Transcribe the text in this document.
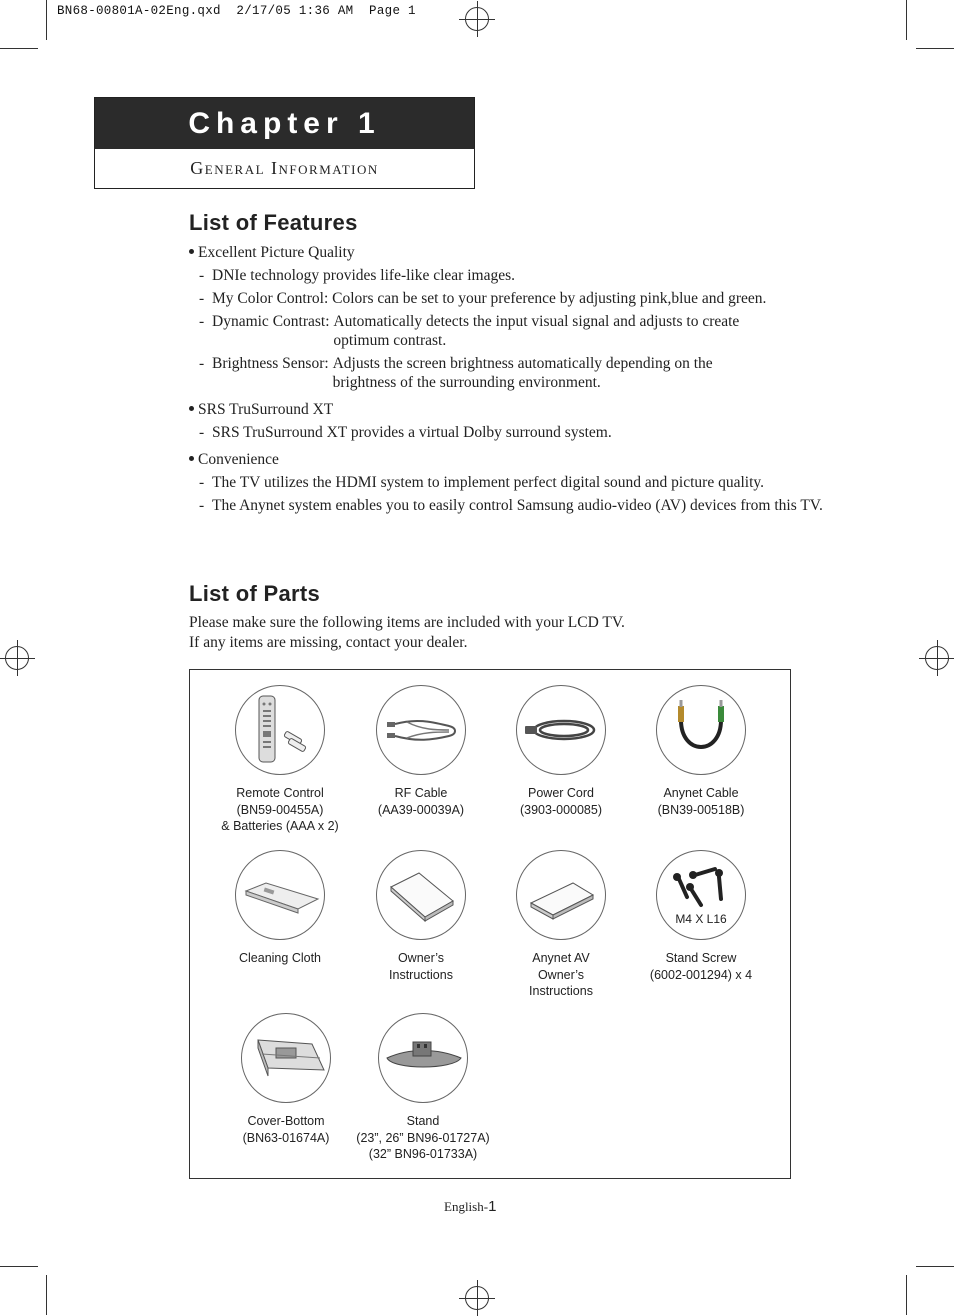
BN68-00801A-02Eng.qxd  2/17/05 1:36 AM  Page 1
Chapter 1
General Information
List of Features
Excellent Picture Quality
- DNIe technology provides life-like clear images.
- My Color Control: Colors can be set to your preference by adjusting pink,blue and green.
- Dynamic Contrast: Automatically detects the input visual signal and adjusts to create optimum contrast.
- Brightness Sensor: Adjusts the screen brightness automatically depending on the brightness of the surrounding environment.
SRS TruSurround XT
- SRS TruSurround XT provides a virtual Dolby surround system.
Convenience
- The TV utilizes the HDMI system to implement perfect digital sound and picture quality.
- The Anynet system enables you to easily control Samsung audio-video (AV) devices from this TV.
List of Parts
Please make sure the following items are included with your LCD TV.
If any items are missing, contact your dealer.
Remote Control
(BN59-00455A)
& Batteries (AAA x 2)
RF Cable
(AA39-00039A)
Power Cord
(3903-000085)
Anynet Cable
(BN39-00518B)
Cleaning Cloth	Owner’s
Instructions
Anynet AV
Owner’s
Instructions
M4 X L16
Stand Screw
(6002-001294) x 4
Cover-Bottom
(BN63-01674A)
Stand
(23”, 26” BN96-01727A)
(32” BN96-01733A)
English-1
